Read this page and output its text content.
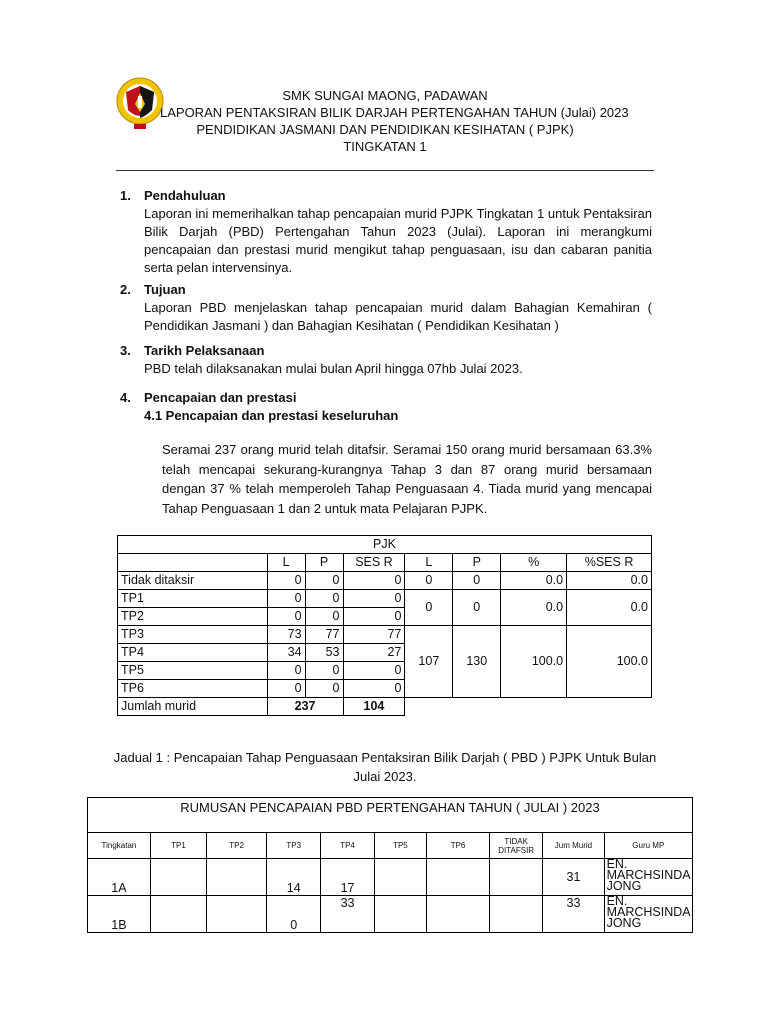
SMK SUNGAI MAONG, PADAWAN
LAPORAN PENTAKSIRAN BILIK DARJAH PERTENGAHAN TAHUN (Julai) 2023
PENDIDIKAN JASMANI DAN PENDIDIKAN KESIHATAN ( PJPK)
TINGKATAN 1
1. Pendahuluan
Laporan ini memerihalkan tahap pencapaian murid PJPK Tingkatan 1 untuk Pentaksiran Bilik Darjah (PBD) Pertengahan Tahun 2023 (Julai). Laporan ini merangkumi pencapaian dan prestasi murid mengikut tahap penguasaan, isu dan cabaran panitia serta pelan intervensinya.
2. Tujuan
Laporan PBD menjelaskan tahap pencapaian murid dalam Bahagian Kemahiran ( Pendidikan Jasmani ) dan Bahagian Kesihatan ( Pendidikan Kesihatan )
3. Tarikh Pelaksanaan
PBD telah dilaksanakan mulai bulan April hingga 07hb Julai 2023.
4. Pencapaian dan prestasi
4.1 Pencapaian dan prestasi keseluruhan
Seramai 237 orang murid telah ditafsir. Seramai 150 orang murid bersamaan 63.3% telah mencapai sekurang-kurangnya Tahap 3 dan 87 orang murid bersamaan dengan 37 % telah memperoleh Tahap Penguasaan 4. Tiada murid yang mencapai Tahap Penguasaan 1 dan 2 untuk mata Pelajaran PJPK.
PJK							
	L	P	SES R	L	P	%	%SES R
Tidak ditaksir	0	0	0	0	0	0.0	0.0
TP1	0	0	0	0	0	0.0	0.0
TP2	0	0	0				
TP3	73	77	77	107	130	100.0	100.0
TP4	34	53	27				
TP5	0	0	0				
TP6	0	0	0				
Jumlah murid	237		104				
Jadual 1 : Pencapaian Tahap Penguasaan Pentaksiran Bilik Darjah ( PBD ) PJPK Untuk Bulan Julai 2023.
RUMUSAN PENCAPAIAN PBD PERTENGAHAN TAHUN ( JULAI ) 2023									
Tingkatan	TP1	TP2	TP3	TP4	TP5	TP6	TIDAK DITAFSIR	Jum Murid	Guru MP
1A			14	17				31	EN. MARCHSINDA JONG
1B			0	33				33	EN. MARCHSINDA JONG
